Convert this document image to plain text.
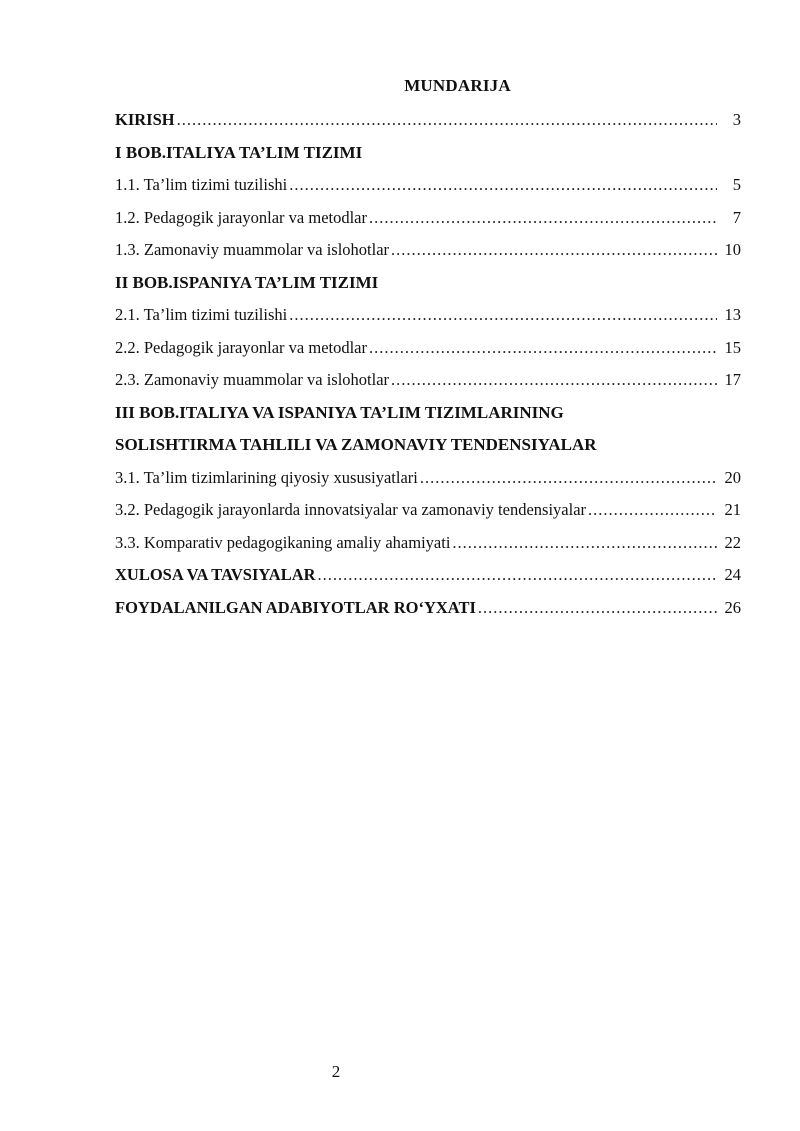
MUNDARIJA
KIRISH .....	3
I BOB.ITALIYA TA’LIM TIZIMI
1.1. Ta’lim tizimi tuzilishi .....	5
1.2. Pedagogik jarayonlar va metodlar .....	7
1.3. Zamonaviy muammolar va islohotlar .....	10
II BOB.ISPANIYA TA’LIM TIZIMI
2.1. Ta’lim tizimi tuzilishi .....	13
2.2. Pedagogik jarayonlar va metodlar .....	15
2.3. Zamonaviy muammolar va islohotlar .....	17
III BOB.ITALIYA VA ISPANIYA TA’LIM TIZIMLARINING
SOLISHTIRMA TAHLILI VA ZAMONAVIY TENDENSIYALAR
3.1. Ta’lim tizimlarining qiyosiy xususiyatlari .....	20
3.2. Pedagogik jarayonlarda innovatsiyalar va zamonaviy tendensiyalar .....	21
3.3. Komparativ pedagogikaning amaliy ahamiyati .....	22
XULOSA VA TAVSIYALAR .....	24
FOYDALANILGAN ADABIYOTLAR RO‘YXATI .....	26
2
